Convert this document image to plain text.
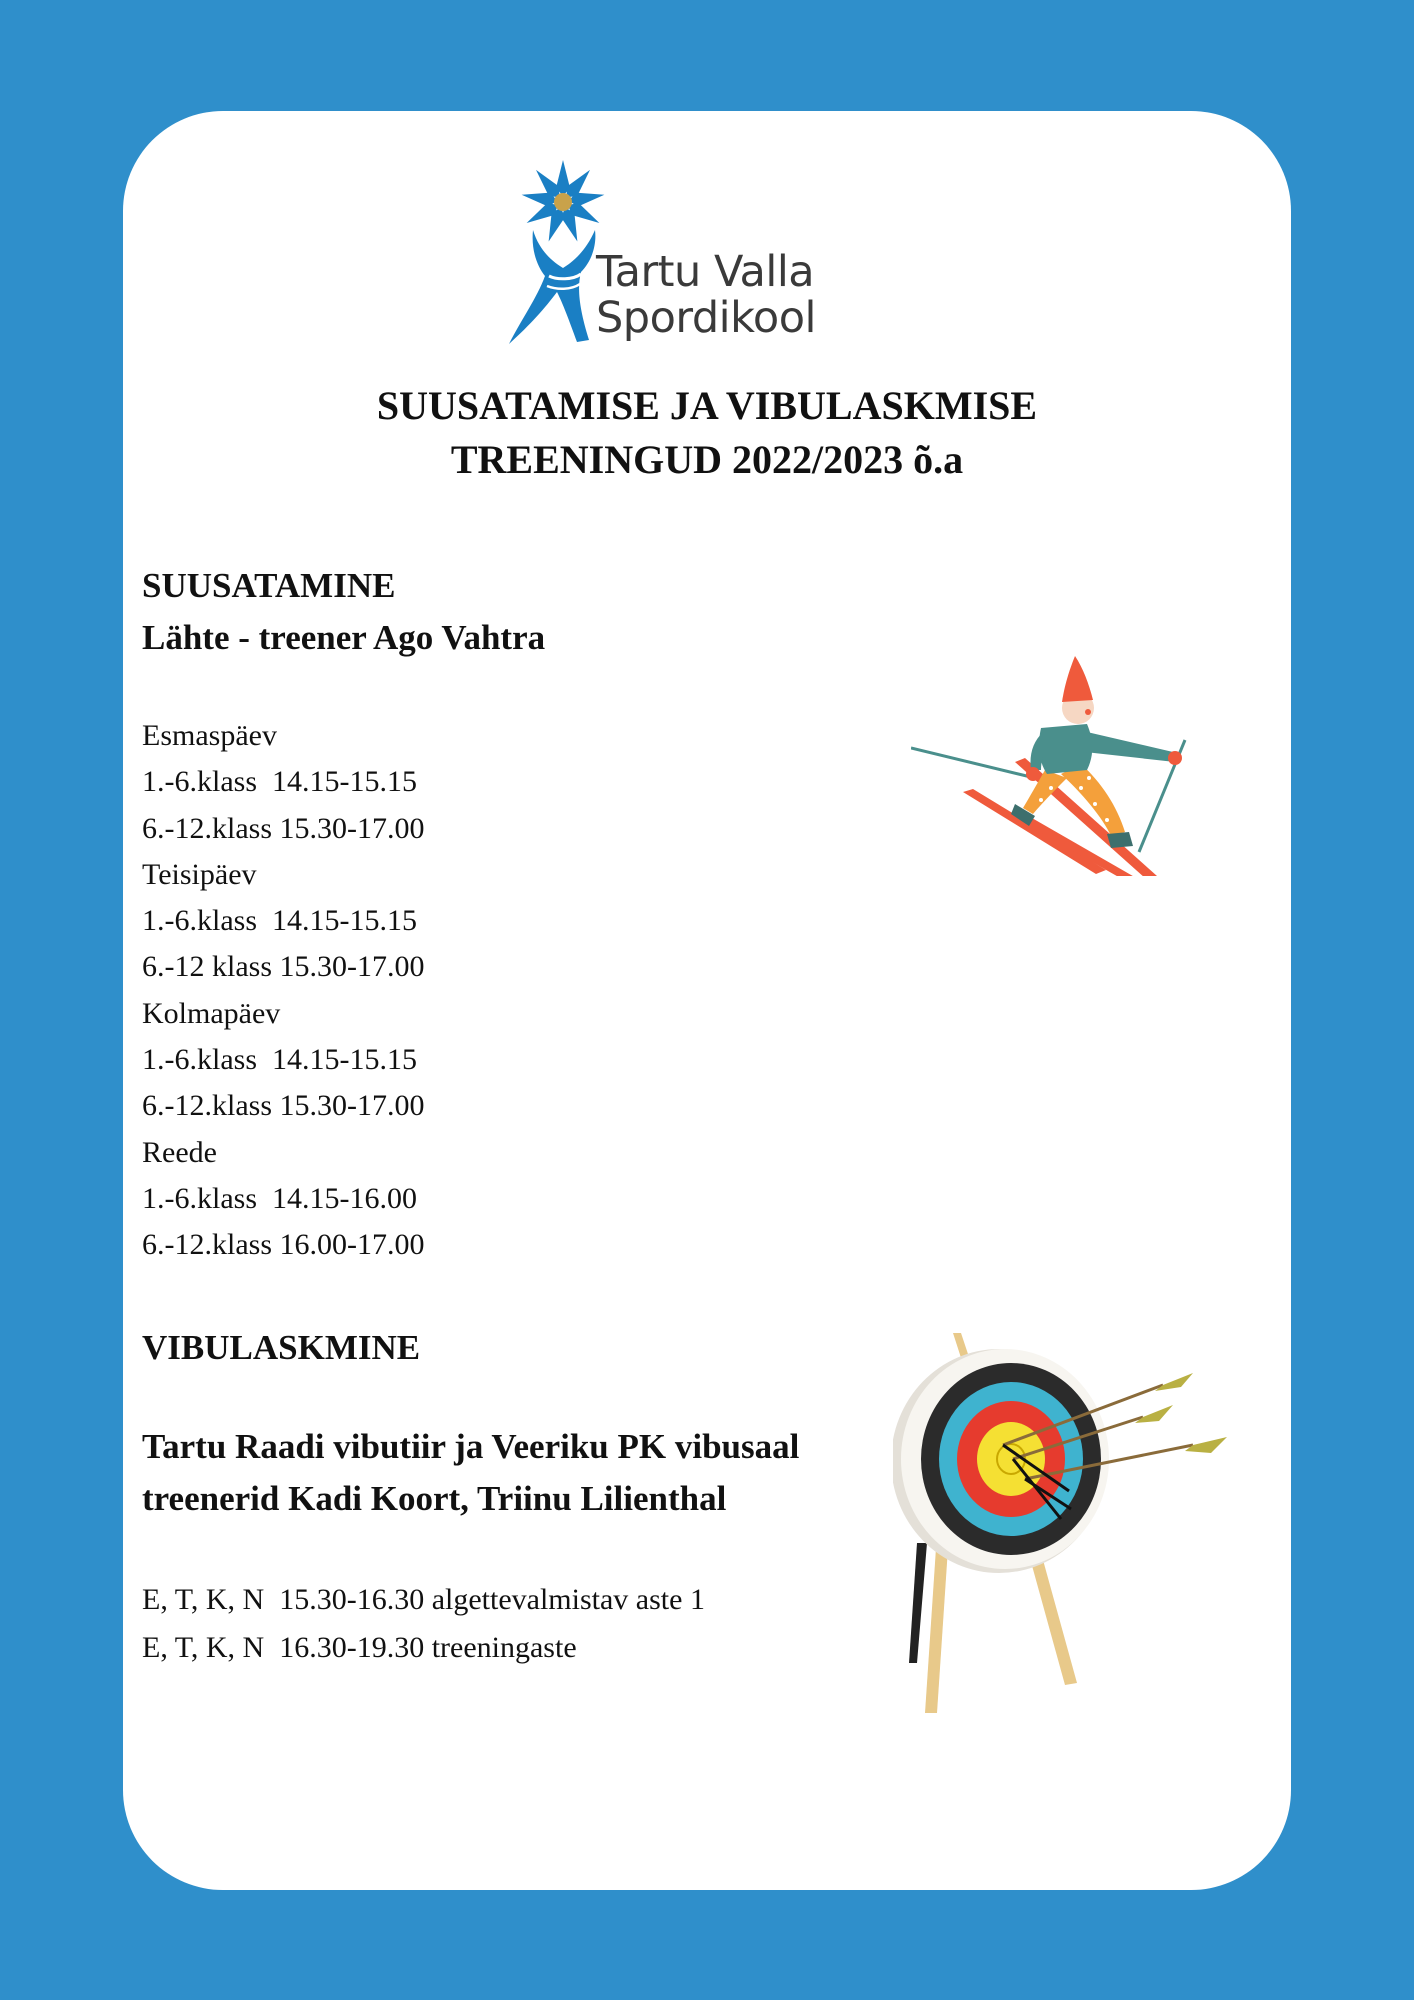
Tartu Valla
Spordikool
SUUSATAMISE JA VIBULASKMISE
TREENINGUD 2022/2023 õ.a
SUUSATAMINE
Lähte - treener Ago Vahtra
Esmaspäev
1.-6.klass  14.15-15.15
6.-12.klass 15.30-17.00
Teisipäev
1.-6.klass  14.15-15.15
6.-12 klass 15.30-17.00
Kolmapäev
1.-6.klass  14.15-15.15
6.-12.klass 15.30-17.00
Reede
1.-6.klass  14.15-16.00
6.-12.klass 16.00-17.00
VIBULASKMINE
Tartu Raadi vibutiir ja Veeriku PK vibusaal
treenerid Kadi Koort, Triinu Lilienthal
E, T, K, N  15.30-16.30 algettevalmistav aste 1
E, T, K, N  16.30-19.30 treeningaste
